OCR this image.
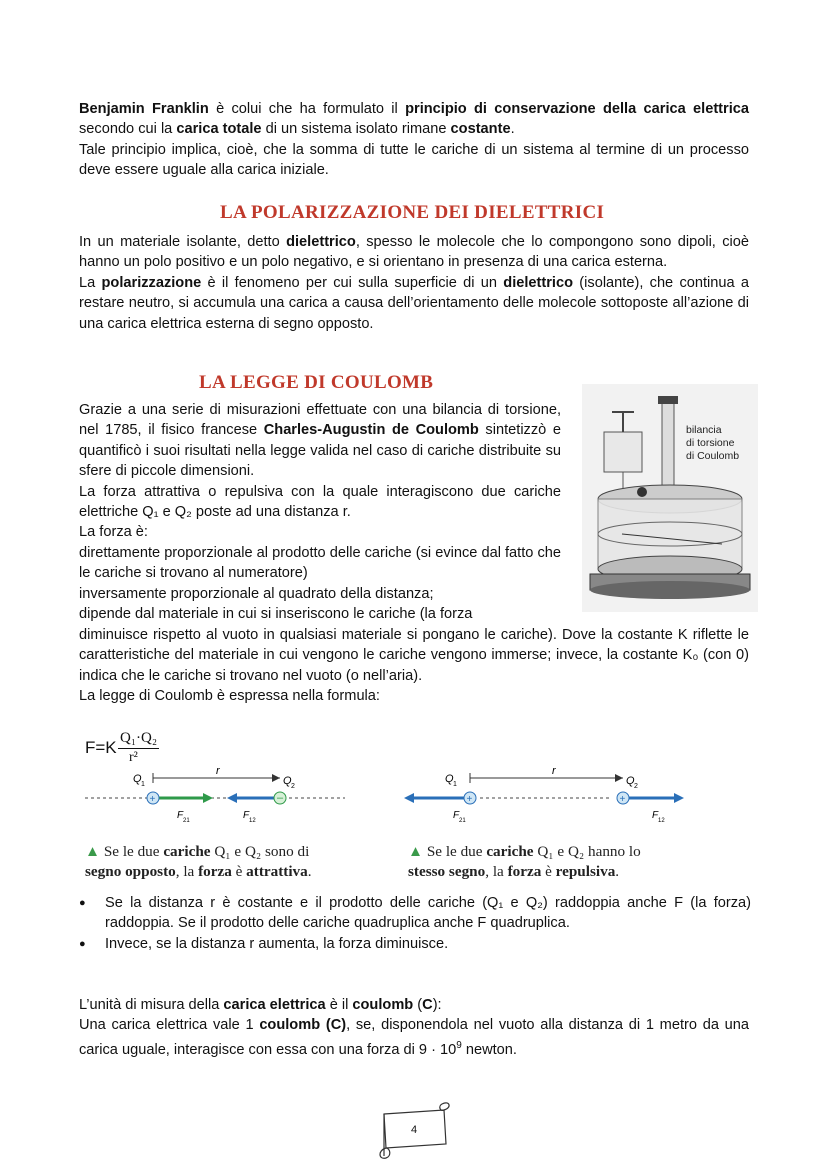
Benjamin Franklin è colui che ha formulato il principio di conservazione della carica elettrica secondo cui la carica totale di un sistema isolato rimane costante.

Tale principio implica, cioè, che la somma di tutte le cariche di un sistema al termine di un processo deve essere uguale alla carica iniziale.

LA POLARIZZAZIONE DEI DIELETTRICI

In un materiale isolante, detto dielettrico, spesso le molecole che lo compongono sono dipoli, cioè hanno un polo positivo e un polo negativo, e si orientano in presenza di una carica esterna.

La polarizzazione è il fenomeno per cui sulla superficie di un dielettrico (isolante), che continua a restare neutro, si accumula una carica a causa dell’orientamento delle molecole sottoposte all’azione di una carica elettrica esterna di segno opposto.

LA LEGGE DI COULOMB
bilancia
di torsione
di Coulomb

Grazie a una serie di misurazioni effettuate con una bilancia di torsione, nel 1785, il fisico francese Charles-Augustin de Coulomb sintetizzò e quantificò i suoi risultati nella legge valida nel caso di cariche distribuite su sfere di piccole dimensioni.

La forza attrattiva o repulsiva con la quale interagiscono due cariche elettriche Q₁ e Q₂ poste ad una distanza r.

La forza è:

direttamente proporzionale al prodotto delle cariche (si evince dal fatto che le cariche si trovano al numeratore)

inversamente proporzionale al quadrato della distanza;

dipende dal materiale in cui si inseriscono le cariche (la forza

diminuisce rispetto al vuoto in qualsiasi materiale si pongano le cariche). Dove la costante K riflette le caratteristiche del materiale in cui vengono le cariche vengono immerse; invece, la costante K₀ (con 0) indica che le cariche si trovano nel vuoto (o nell’aria).

La legge di Coulomb è espressa nella formula:

F=K Q₁·Q₂
r²
r
Q 1	Q 2
+	–
F 21	F 12
r
Q 1	Q 2
+	+
F 21	F 12
▲ Se le due cariche Q₁ e Q₂ sono di
segno opposto, la forza è attrattiva.
▲ Se le due cariche Q₁ e Q₂ hanno lo
stesso segno, la forza è repulsiva.
● Se la distanza r è costante e il prodotto delle cariche (Q₁ e Q₂) raddoppia anche F (la forza) raddoppia. Se il prodotto delle cariche quadruplica anche F quadruplica.
● Invece, se la distanza r aumenta, la forza diminuisce.

L’unità di misura della carica elettrica è il coulomb (C):

Una carica elettrica vale 1 coulomb (C), se, disponendola nel vuoto alla distanza di 1 metro da una carica uguale, interagisce con essa con una forza di $9 \cdot 10^9$ newton.

4
